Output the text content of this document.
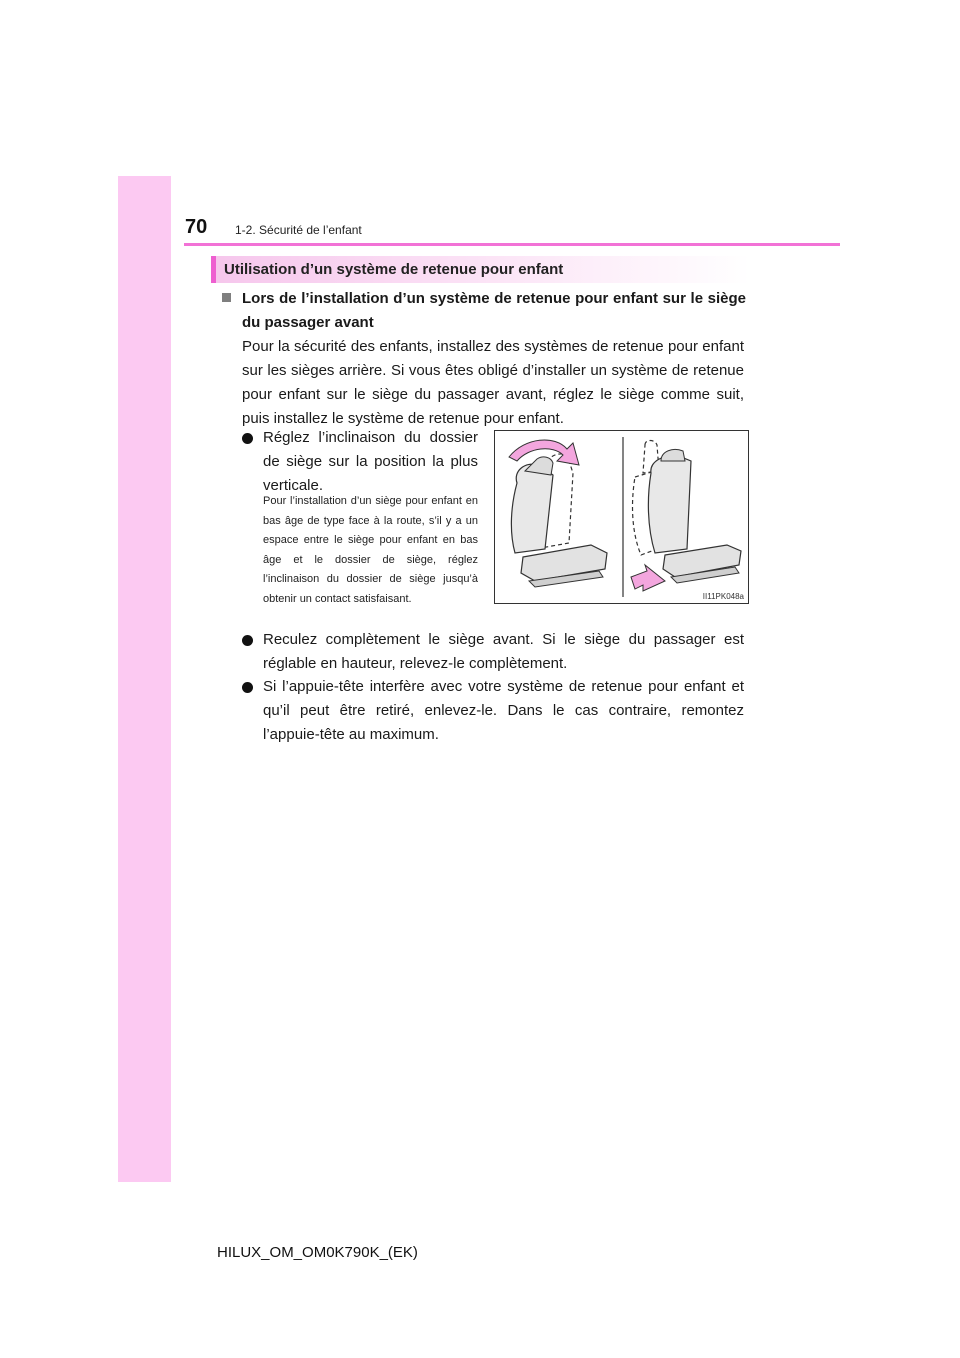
70 1-2. Sécurité de l’enfant
Utilisation d’un système de retenue pour enfant
Lors de l’installation d’un système de retenue pour enfant sur le siège du passager avant
Pour la sécurité des enfants, installez des systèmes de retenue pour enfant sur les sièges arrière. Si vous êtes obligé d’installer un système de retenue pour enfant sur le siège du passager avant, réglez le siège comme suit, puis installez le système de retenue pour enfant.
Réglez l’inclinaison du dossier de siège sur la position la plus verticale.
Pour l’installation d’un siège pour enfant en bas âge de type face à la route, s’il y a un espace entre le siège pour enfant en bas âge et le dossier de siège, réglez l’inclinaison du dossier de siège jusqu’à obtenir un contact satisfaisant.	II11PK048a
Reculez complètement le siège avant. Si le siège du passager est réglable en hauteur, relevez-le complètement.
Si l’appuie-tête interfère avec votre système de retenue pour enfant et qu’il peut être retiré, enlevez-le. Dans le cas contraire, remontez l’appuie-tête au maximum.
HILUX_OM_OM0K790K_(EK)
